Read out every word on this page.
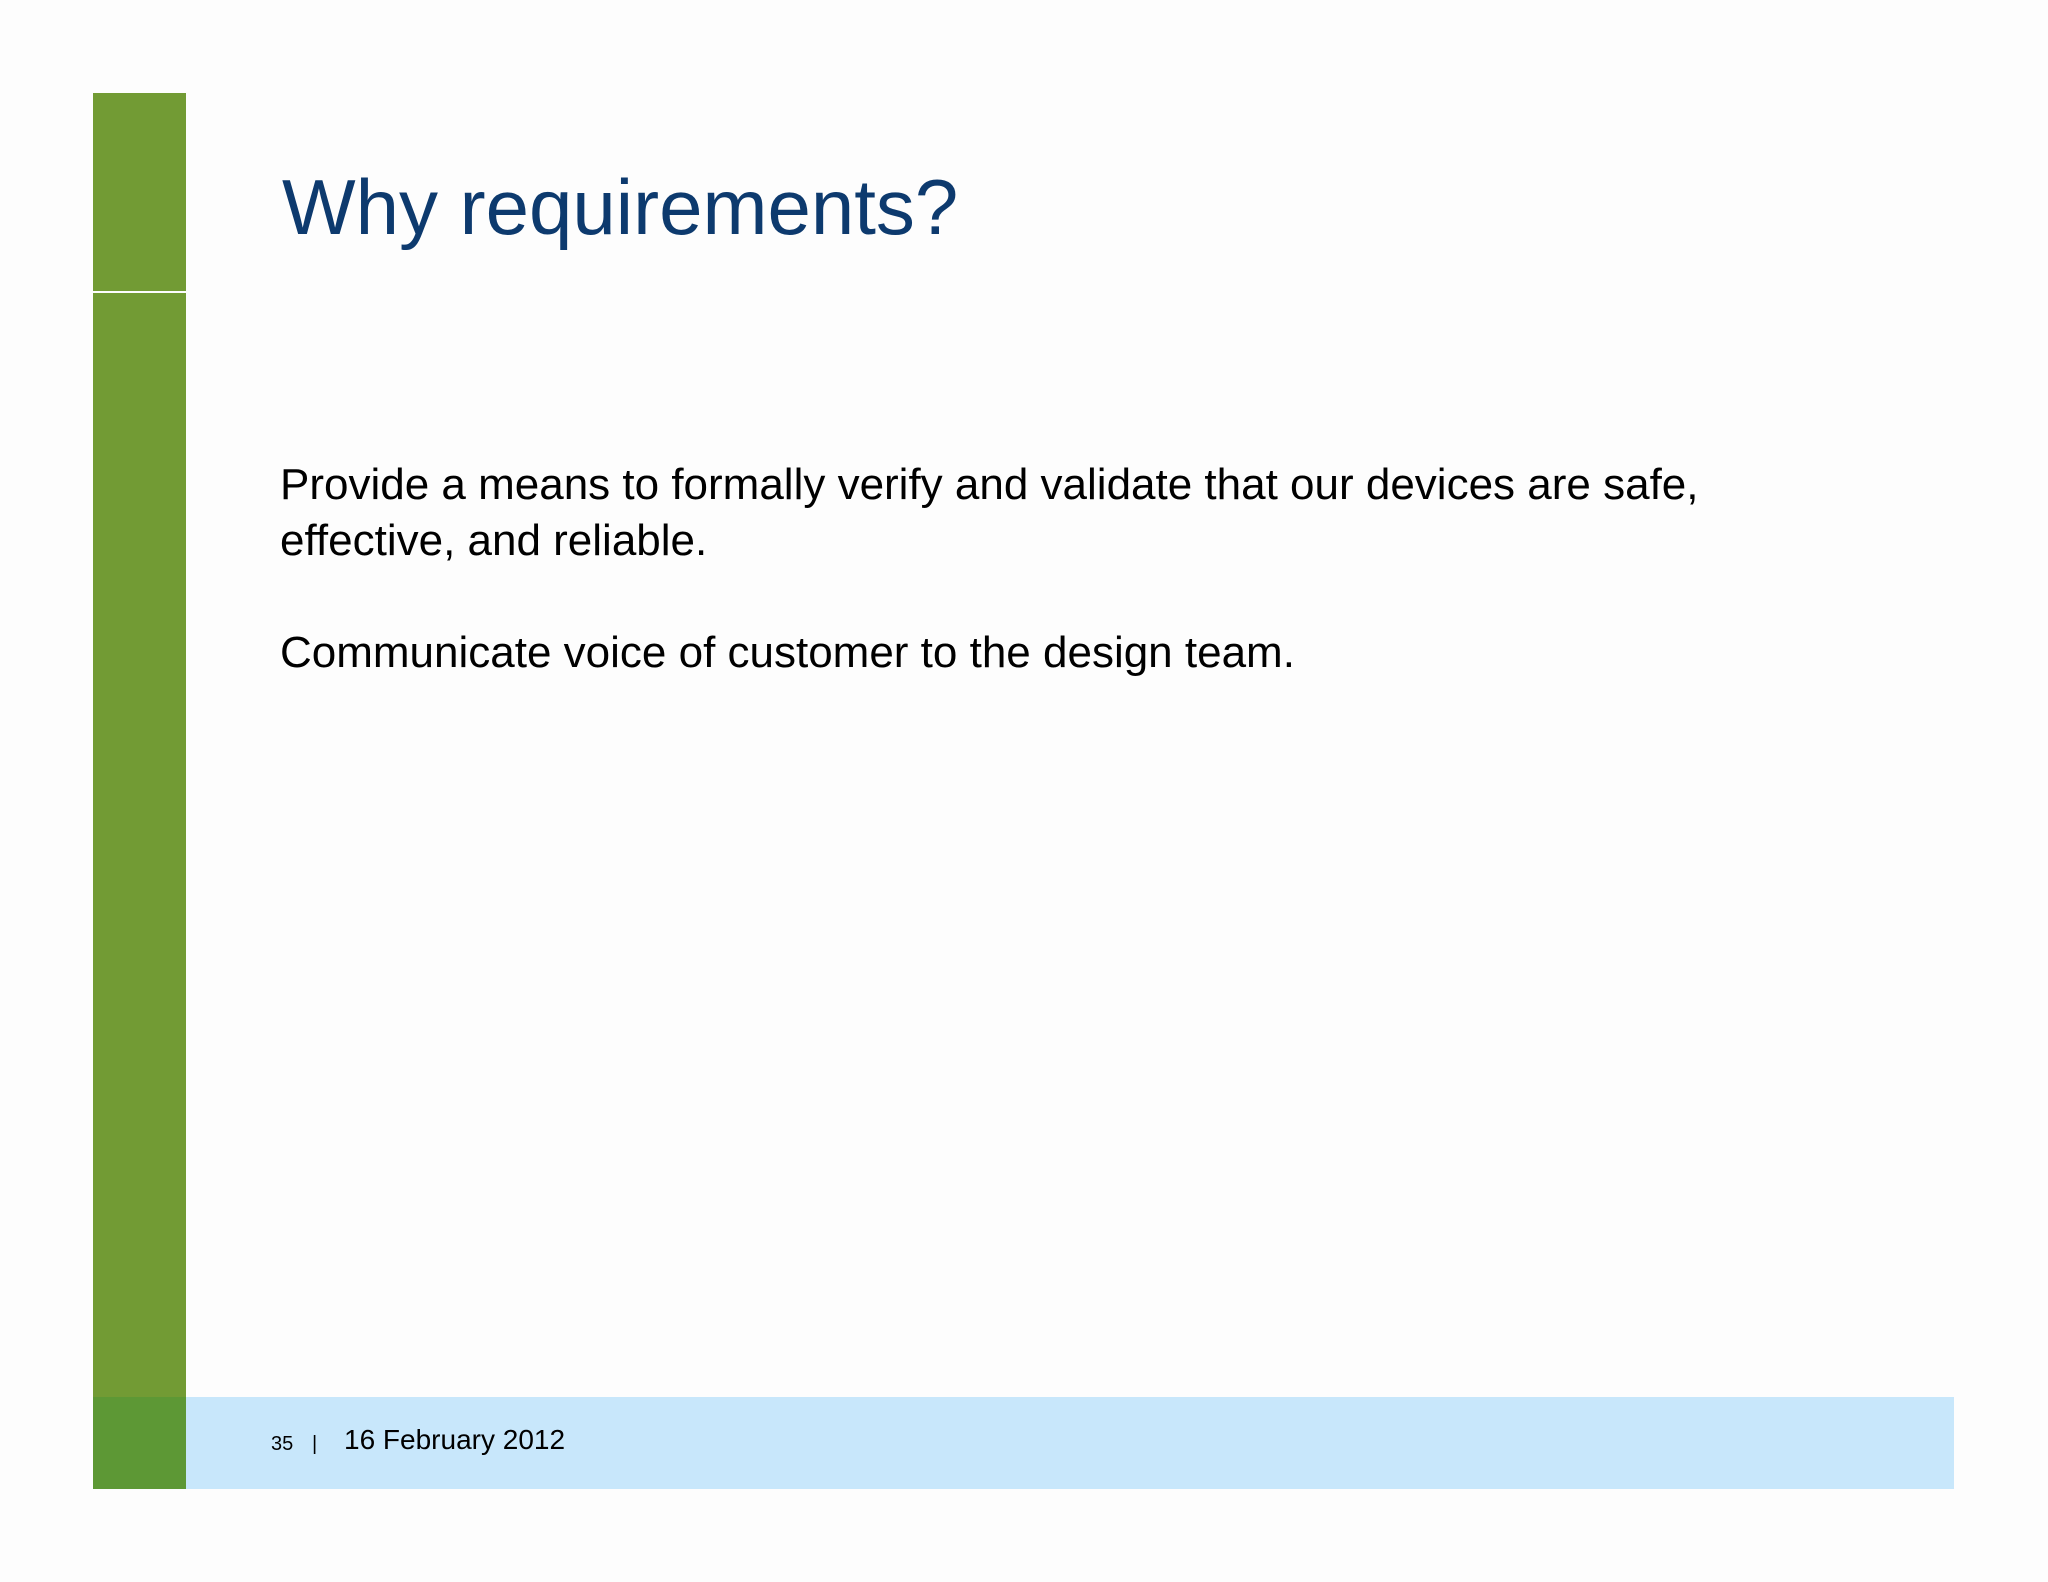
Why requirements?

Provide a means to formally verify and validate that our devices are safe, effective, and reliable.

Communicate voice of customer to the design team.

35 | 16 February 2012
